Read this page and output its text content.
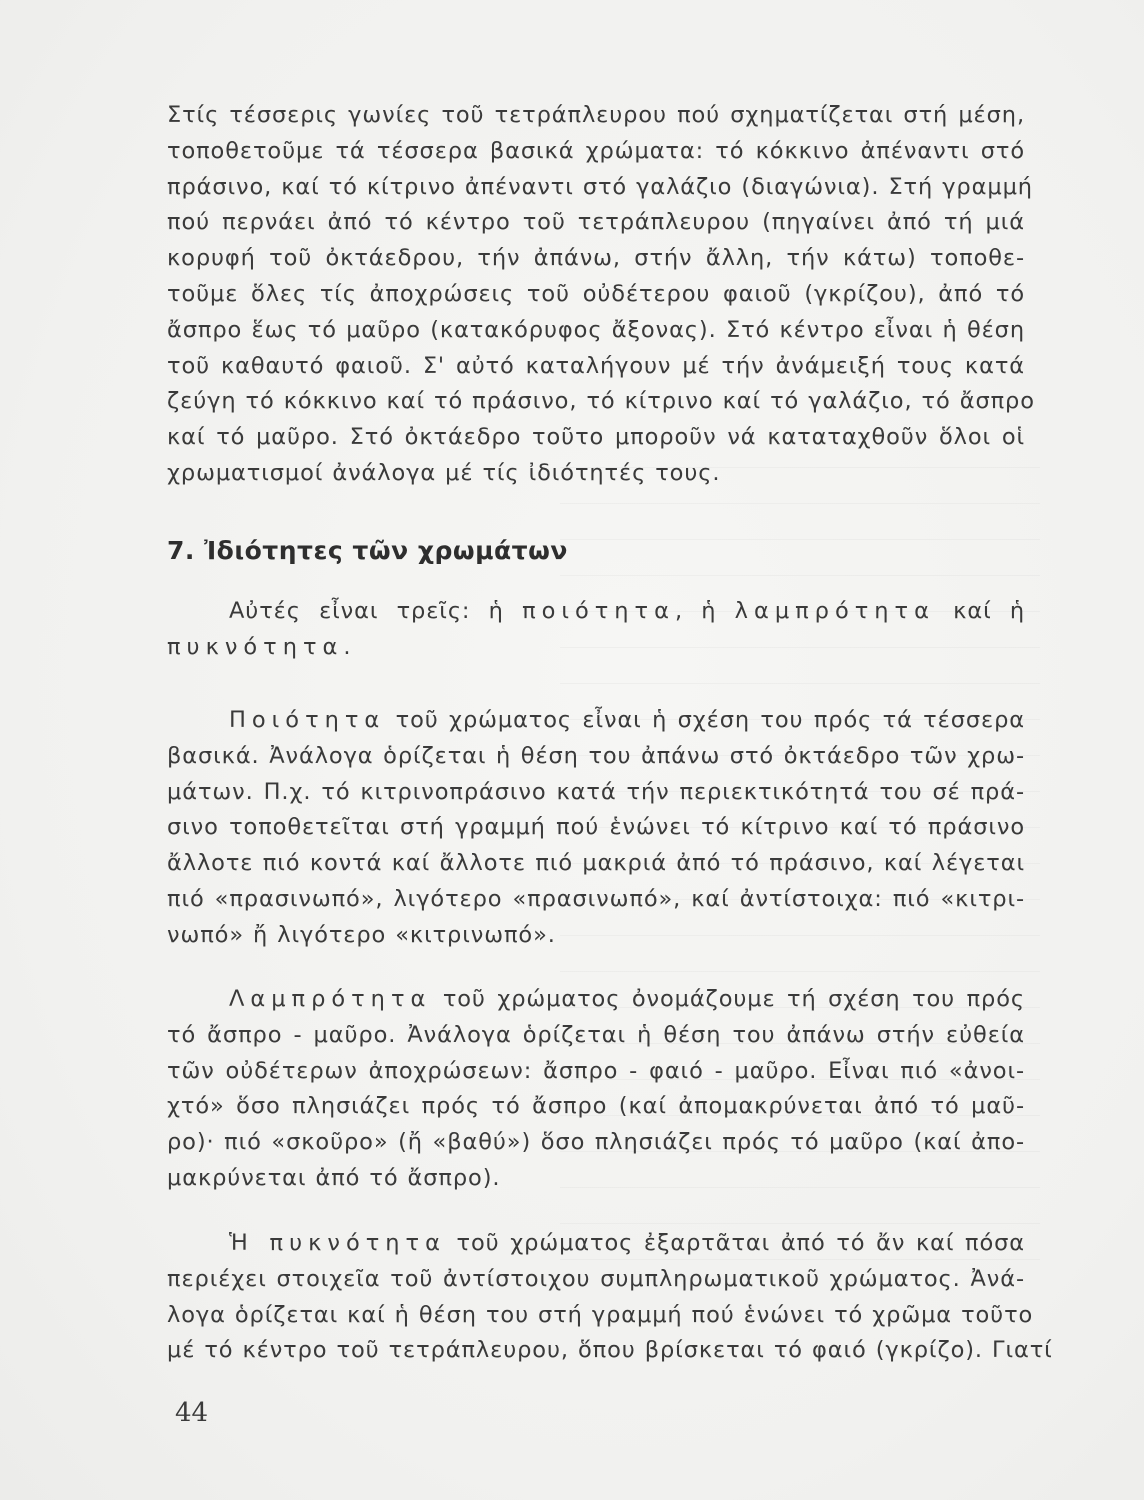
Στίς τέσσερις γωνίες τοῦ τετράπλευρου πού σχηματίζεται στή μέση,
τοποθετοῦμε τά τέσσερα βασικά χρώματα: τό κόκκινο ἀπέναντι στό
πράσινο, καί τό κίτρινο ἀπέναντι στό γαλάζιο (διαγώνια). Στή γραμμή
πού περνάει ἀπό τό κέντρο τοῦ τετράπλευρου (πηγαίνει ἀπό τή μιά
κορυφή τοῦ ὀκτάεδρου, τήν ἀπάνω, στήν ἄλλη, τήν κάτω) τοποθε-
τοῦμε ὅλες τίς ἀποχρώσεις τοῦ οὐδέτερου φαιοῦ (γκρίζου), ἀπό τό
ἄσπρο ἕως τό μαῦρο (κατακόρυφος ἄξονας). Στό κέντρο εἶναι ἡ θέση
τοῦ καθαυτό φαιοῦ. Σ' αὐτό καταλήγουν μέ τήν ἀνάμειξή τους κατά
ζεύγη τό κόκκινο καί τό πράσινο, τό κίτρινο καί τό γαλάζιο, τό ἄσπρο
καί τό μαῦρο. Στό ὀκτάεδρο τοῦτο μποροῦν νά καταταχθοῦν ὅλοι οἱ
χρωματισμοί ἀνάλογα μέ τίς ἰδιότητές τους.
7. Ἰδιότητες τῶν χρωμάτων
Αὐτές εἶναι τρεῖς: ἡ ποιότητα, ἡ λαμπρότητα καί ἡ
πυκνότητα.
Ποιότητα τοῦ χρώματος εἶναι ἡ σχέση του πρός τά τέσσερα
βασικά. Ἀνάλογα ὁρίζεται ἡ θέση του ἀπάνω στό ὀκτάεδρο τῶν χρω-
μάτων. Π.χ. τό κιτρινοπράσινο κατά τήν περιεκτικότητά του σέ πρά-
σινο τοποθετεῖται στή γραμμή πού ἑνώνει τό κίτρινο καί τό πράσινο
ἄλλοτε πιό κοντά καί ἄλλοτε πιό μακριά ἀπό τό πράσινο, καί λέγεται
πιό «πρασινωπό», λιγότερο «πρασινωπό», καί ἀντίστοιχα: πιό «κιτρι-
νωπό» ἤ λιγότερο «κιτρινωπό».
Λαμπρότητα τοῦ χρώματος ὀνομάζουμε τή σχέση του πρός
τό ἄσπρο - μαῦρο. Ἀνάλογα ὁρίζεται ἡ θέση του ἀπάνω στήν εὐθεία
τῶν οὐδέτερων ἀποχρώσεων: ἄσπρο - φαιό - μαῦρο. Εἶναι πιό «ἀνοι-
χτό» ὅσο πλησιάζει πρός τό ἄσπρο (καί ἀπομακρύνεται ἀπό τό μαῦ-
ρο)· πιό «σκοῦρο» (ἤ «βαθύ») ὅσο πλησιάζει πρός τό μαῦρο (καί ἀπο-
μακρύνεται ἀπό τό ἄσπρο).
Ἡ πυκνότητα τοῦ χρώματος ἐξαρτᾶται ἀπό τό ἄν καί πόσα
περιέχει στοιχεῖα τοῦ ἀντίστοιχου συμπληρωματικοῦ χρώματος. Ἀνά-
λογα ὁρίζεται καί ἡ θέση του στή γραμμή πού ἑνώνει τό χρῶμα τοῦτο
μέ τό κέντρο τοῦ τετράπλευρου, ὅπου βρίσκεται τό φαιό (γκρίζο). Γιατί
44
